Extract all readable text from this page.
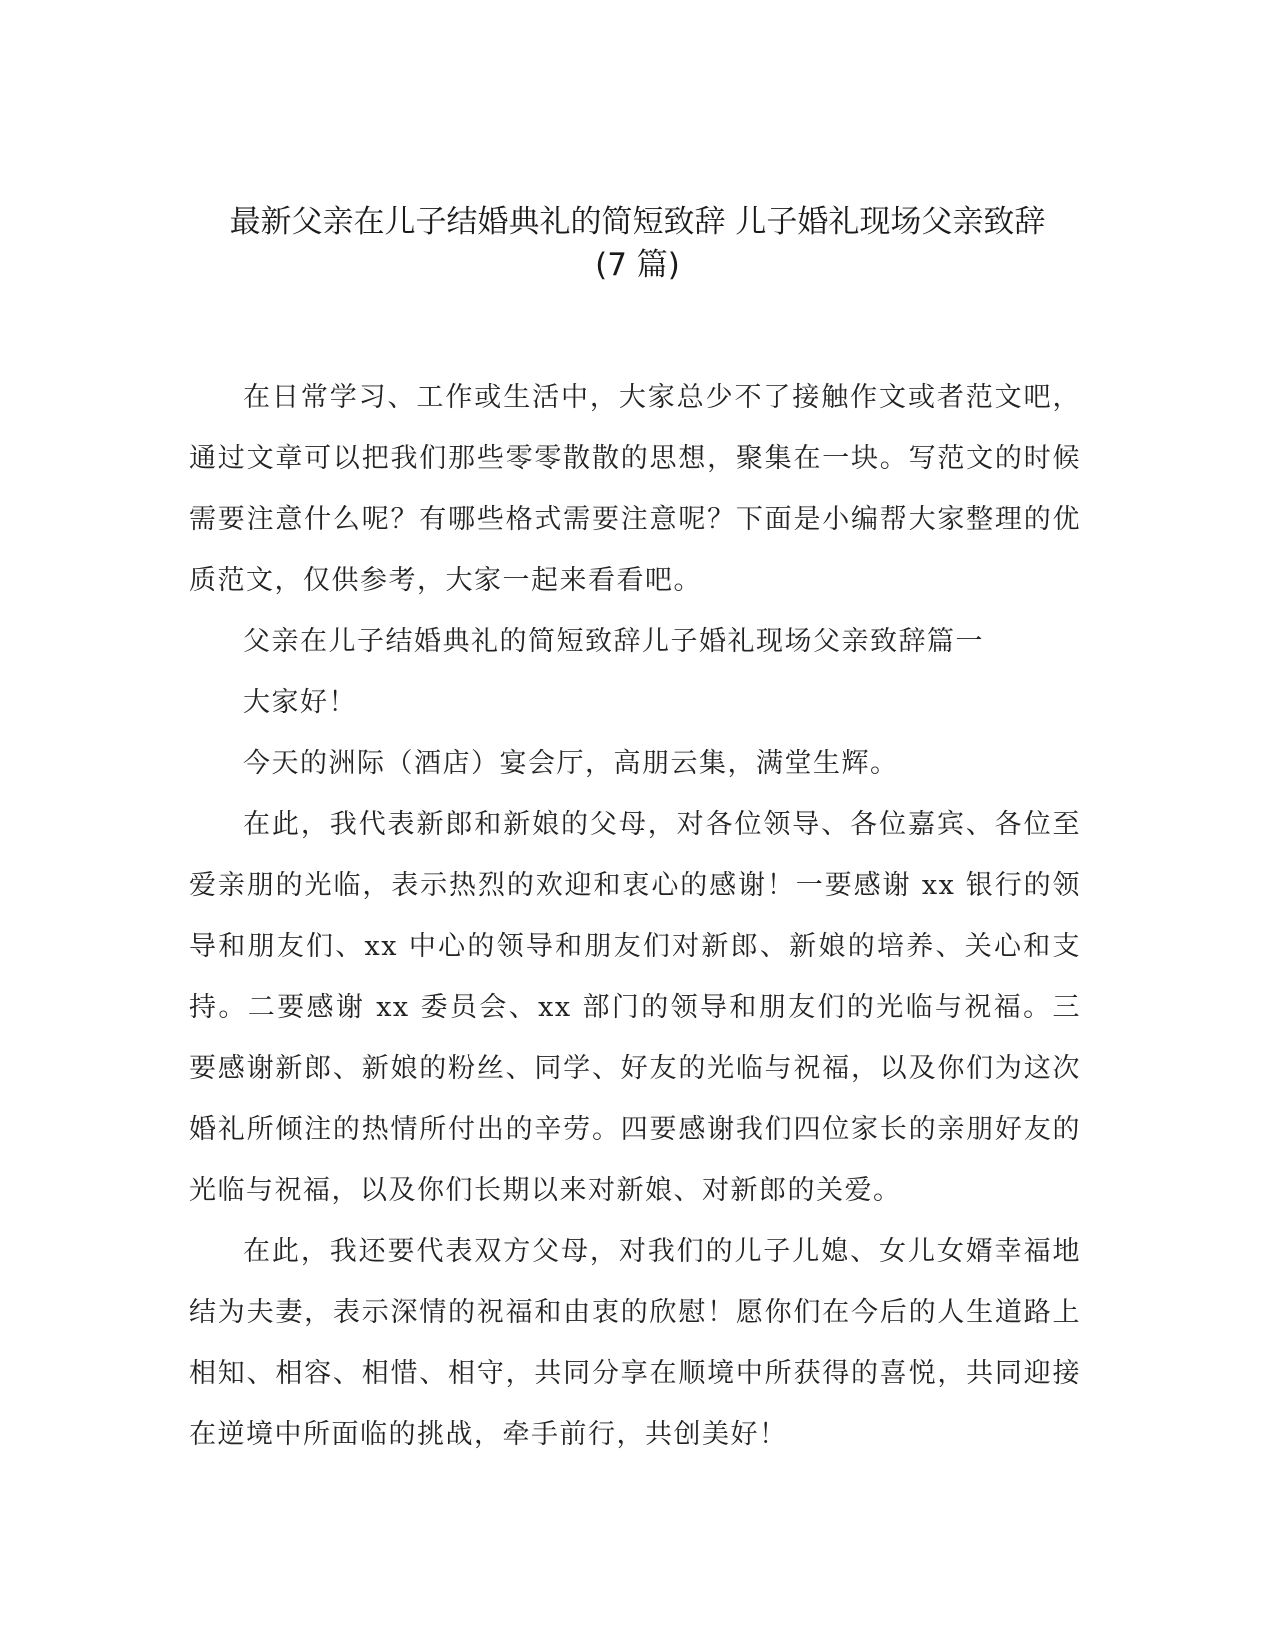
最新父亲在儿子结婚典礼的简短致辞 儿子婚礼现场父亲致辞
(7 篇)

在日常学习、工作或生活中，大家总少不了接触作文或者范文吧，通过文章可以把我们那些零零散散的思想，聚集在一块。写范文的时候需要注意什么呢？有哪些格式需要注意呢？下面是小编帮大家整理的优质范文，仅供参考，大家一起来看看吧。

父亲在儿子结婚典礼的简短致辞儿子婚礼现场父亲致辞篇一

大家好！

今天的洲际（酒店）宴会厅，高朋云集，满堂生辉。

在此，我代表新郎和新娘的父母，对各位领导、各位嘉宾、各位至爱亲朋的光临，表示热烈的欢迎和衷心的感谢！一要感谢 xx 银行的领导和朋友们、xx 中心的领导和朋友们对新郎、新娘的培养、关心和支持。二要感谢 xx 委员会、xx 部门的领导和朋友们的光临与祝福。三要感谢新郎、新娘的粉丝、同学、好友的光临与祝福，以及你们为这次婚礼所倾注的热情所付出的辛劳。四要感谢我们四位家长的亲朋好友的光临与祝福，以及你们长期以来对新娘、对新郎的关爱。

在此，我还要代表双方父母，对我们的儿子儿媳、女儿女婿幸福地结为夫妻，表示深情的祝福和由衷的欣慰！愿你们在今后的人生道路上相知、相容、相惜、相守，共同分享在顺境中所获得的喜悦，共同迎接在逆境中所面临的挑战，牵手前行，共创美好！
